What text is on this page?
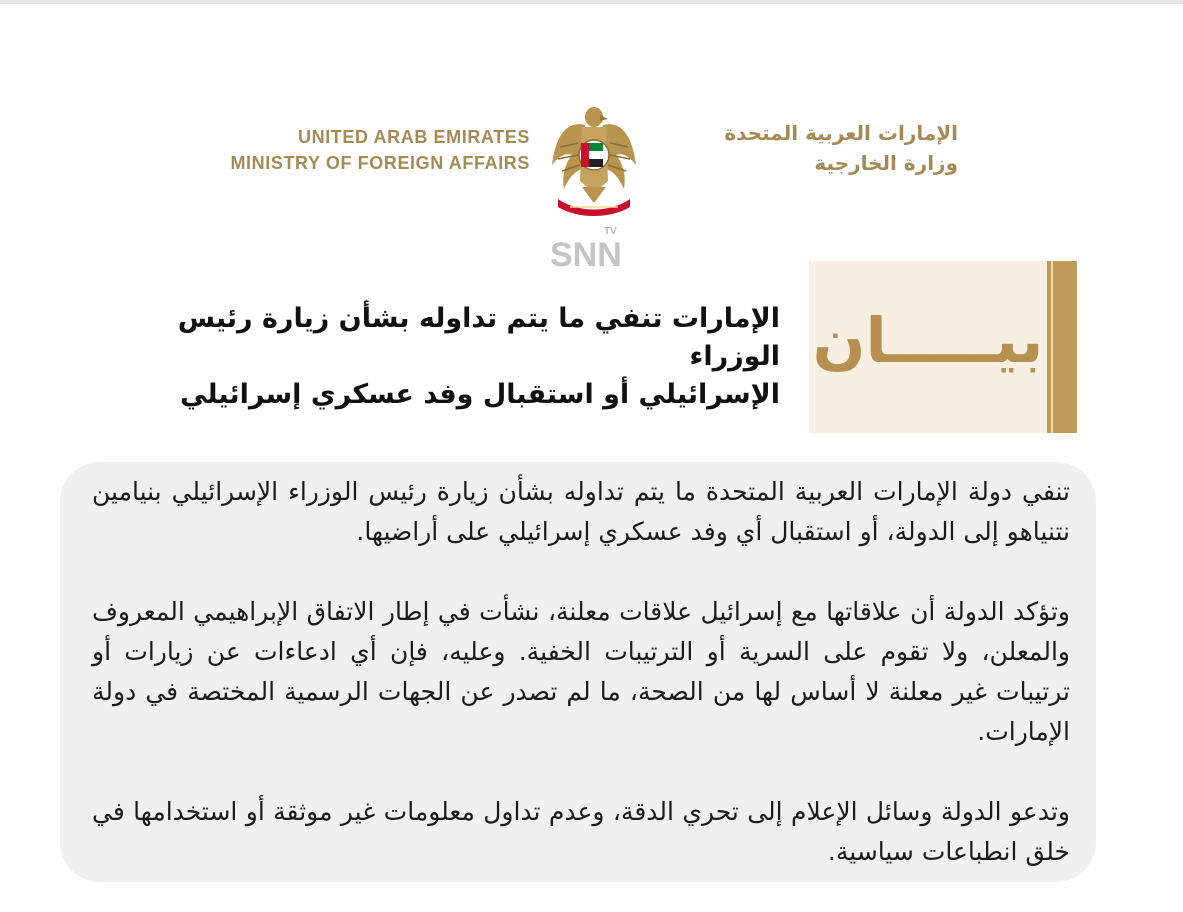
UNITED ARAB EMIRATES
MINISTRY OF FOREIGN AFFAIRS
الإمارات العربية المتحدة
وزارة الخارجية
TV
SNN
بيـــــان
الإمارات تنفي ما يتم تداوله بشأن زيارة رئيس الوزراء
الإسرائيلي أو استقبال وفد عسكري إسرائيلي

تنفي دولة الإمارات العربية المتحدة ما يتم تداوله بشأن زيارة رئيس الوزراء الإسرائيلي بنيامين نتنياهو إلى الدولة، أو استقبال أي وفد عسكري إسرائيلي على أراضيها.

وتؤكد الدولة أن علاقاتها مع إسرائيل علاقات معلنة، نشأت في إطار الاتفاق الإبراهيمي المعروف والمعلن، ولا تقوم على السرية أو الترتيبات الخفية. وعليه، فإن أي ادعاءات عن زيارات أو ترتيبات غير معلنة لا أساس لها من الصحة، ما لم تصدر عن الجهات الرسمية المختصة في دولة الإمارات.

وتدعو الدولة وسائل الإعلام إلى تحري الدقة، وعدم تداول معلومات غير موثقة أو استخدامها في خلق انطباعات سياسية.
